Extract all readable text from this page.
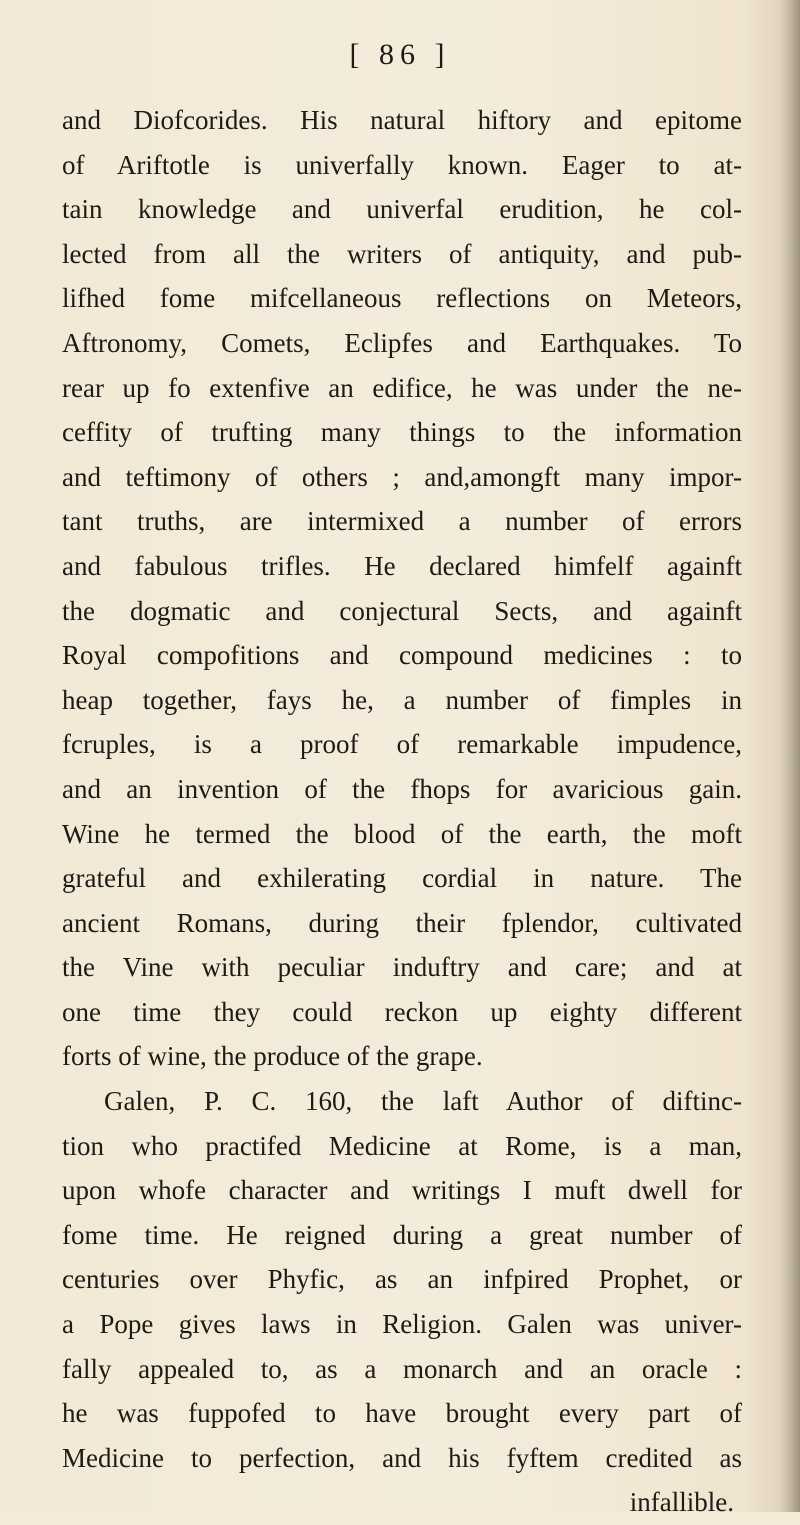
[ 86 ]
and Diofcorides. His natural hiftory and epitome
of Ariftotle is univerfally known. Eager to at-
tain knowledge and univerfal erudition, he col-
lected from all the writers of antiquity, and pub-
lifhed fome mifcellaneous reflections on Meteors,
Aftronomy, Comets, Eclipfes and Earthquakes. To
rear up fo extenfive an edifice, he was under the ne-
ceffity of trufting many things to the information
and teftimony of others ; and,amongft many impor-
tant truths, are intermixed a number of errors
and fabulous trifles. He declared himfelf againft
the dogmatic and conjectural Sects, and againft
Royal compofitions and compound medicines : to
heap together, fays he, a number of fimples in
fcruples, is a proof of remarkable impudence,
and an invention of the fhops for avaricious gain.
Wine he termed the blood of the earth, the moft
grateful and exhilerating cordial in nature. The
ancient Romans, during their fplendor, cultivated
the Vine with peculiar induftry and care; and at
one time they could reckon up eighty different
forts of wine, the produce of the grape.
Galen, P. C. 160, the laft Author of diftinc-
tion who practifed Medicine at Rome, is a man,
upon whofe character and writings I muft dwell for
fome time. He reigned during a great number of
centuries over Phyfic, as an infpired Prophet, or
a Pope gives laws in Religion. Galen was univer-
fally appealed to, as a monarch and an oracle :
he was fuppofed to have brought every part of
Medicine to perfection, and his fyftem credited as
infallible.
